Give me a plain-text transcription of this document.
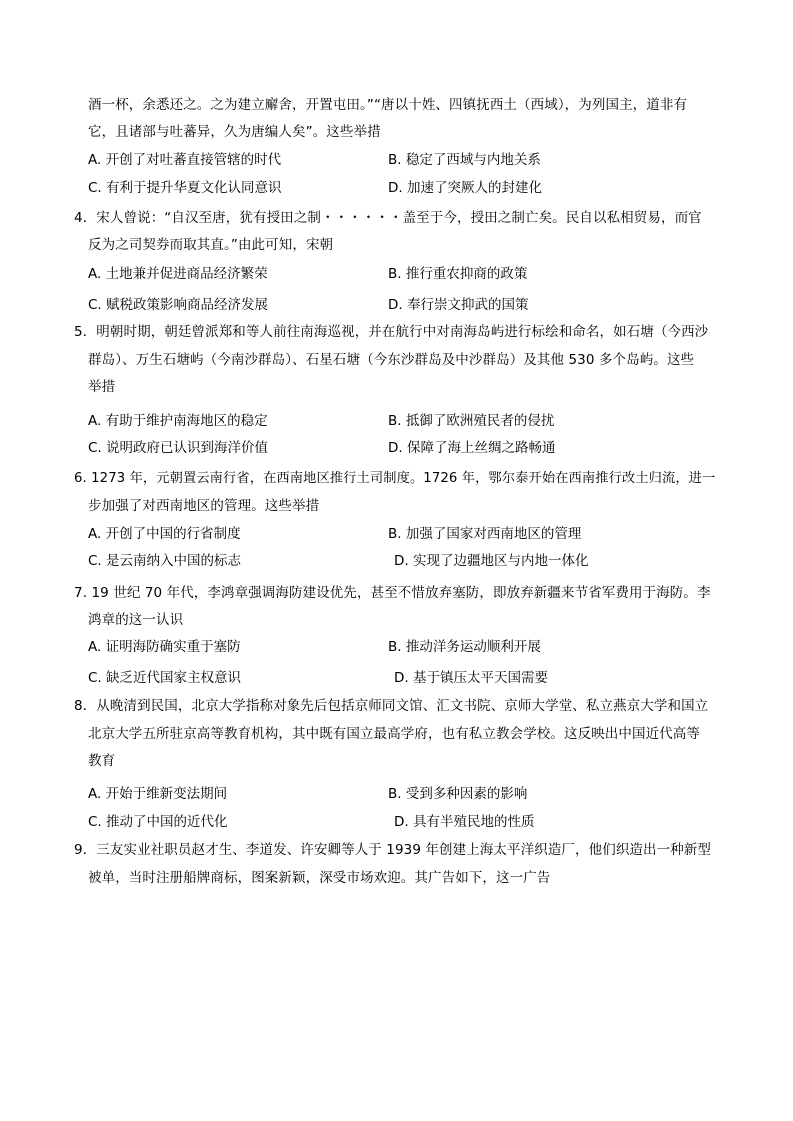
酒一杯，余悉还之。之为建立廨舍，开置屯田。”“唐以十姓、四镇抚西土（西域），为列国主，道非有
它，且诸部与吐蕃异，久为唐编人矣”。这些举措
A. 开创了对吐蕃直接管辖的时代	B. 稳定了西域与内地关系
C. 有利于提升华夏文化认同意识	D. 加速了突厥人的封建化
4．宋人曾说：“自汉至唐，犹有授田之制・・・・・・盖至于今，授田之制亡矣。民自以私相贸易，而官
反为之司契券而取其直。”由此可知，宋朝
A. 土地兼并促进商品经济繁荣	B. 推行重农抑商的政策
C. 赋税政策影响商品经济发展	D. 奉行崇文抑武的国策
5．明朝时期，朝廷曾派郑和等人前往南海巡视，并在航行中对南海岛屿进行标绘和命名，如石塘（今西沙
群岛）、万生石塘屿（今南沙群岛）、石星石塘（今东沙群岛及中沙群岛）及其他 530 多个岛屿。这些
举措
A. 有助于维护南海地区的稳定	B. 抵御了欧洲殖民者的侵扰
C. 说明政府已认识到海洋价值	D. 保障了海上丝绸之路畅通
6. 1273 年，元朝置云南行省，在西南地区推行土司制度。1726 年，鄂尔泰开始在西南推行改土归流，进一
步加强了对西南地区的管理。这些举措
A. 开创了中国的行省制度	B. 加强了国家对西南地区的管理
C. 是云南纳入中国的标志	D. 实现了边疆地区与内地一体化
7. 19 世纪 70 年代，李鸿章强调海防建设优先，甚至不惜放弃塞防，即放弃新疆来节省军费用于海防。李
鸿章的这一认识
A. 证明海防确实重于塞防	B. 推动洋务运动顺利开展
C. 缺乏近代国家主权意识	D. 基于镇压太平天国需要
8．从晚清到民国，北京大学指称对象先后包括京师同文馆、汇文书院、京师大学堂、私立燕京大学和国立
北京大学五所驻京高等教育机构，其中既有国立最高学府，也有私立教会学校。这反映出中国近代高等
教育
A. 开始于维新变法期间	B. 受到多种因素的影响
C. 推动了中国的近代化	D. 具有半殖民地的性质
9．三友实业社职员赵才生、李道发、许安卿等人于 1939 年创建上海太平洋织造厂，他们织造出一种新型
被单，当时注册船牌商标，图案新颖，深受市场欢迎。其广告如下，这一广告
